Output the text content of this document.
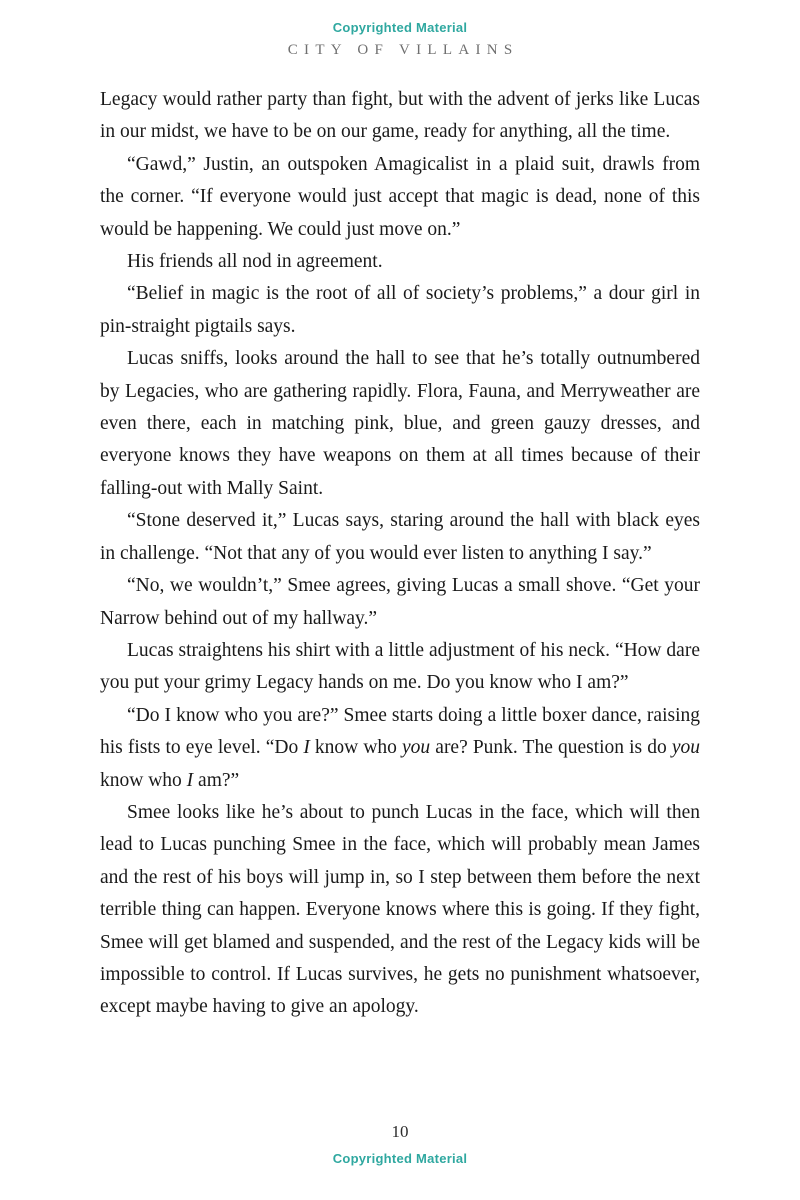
Copyrighted Material
CITY OF VILLAINS

Legacy would rather party than fight, but with the advent of jerks like Lucas in our midst, we have to be on our game, ready for anything, all the time.

“Gawd,” Justin, an outspoken Amagicalist in a plaid suit, drawls from the corner. “If everyone would just accept that magic is dead, none of this would be happening. We could just move on.”

His friends all nod in agreement.

“Belief in magic is the root of all of society’s problems,” a dour girl in pin-straight pigtails says.

Lucas sniffs, looks around the hall to see that he’s totally outnumbered by Legacies, who are gathering rapidly. Flora, Fauna, and Merryweather are even there, each in matching pink, blue, and green gauzy dresses, and everyone knows they have weapons on them at all times because of their falling-out with Mally Saint.

“Stone deserved it,” Lucas says, staring around the hall with black eyes in challenge. “Not that any of you would ever listen to anything I say.”

“No, we wouldn’t,” Smee agrees, giving Lucas a small shove. “Get your Narrow behind out of my hallway.”

Lucas straightens his shirt with a little adjustment of his neck. “How dare you put your grimy Legacy hands on me. Do you know who I am?”

“Do I know who you are?” Smee starts doing a little boxer dance, raising his fists to eye level. “Do I know who you are? Punk. The question is do you know who I am?”

Smee looks like he’s about to punch Lucas in the face, which will then lead to Lucas punching Smee in the face, which will probably mean James and the rest of his boys will jump in, so I step between them before the next terrible thing can happen. Everyone knows where this is going. If they fight, Smee will get blamed and suspended, and the rest of the Legacy kids will be impossible to control. If Lucas survives, he gets no punishment whatsoever, except maybe having to give an apology.

10
Copyrighted Material
